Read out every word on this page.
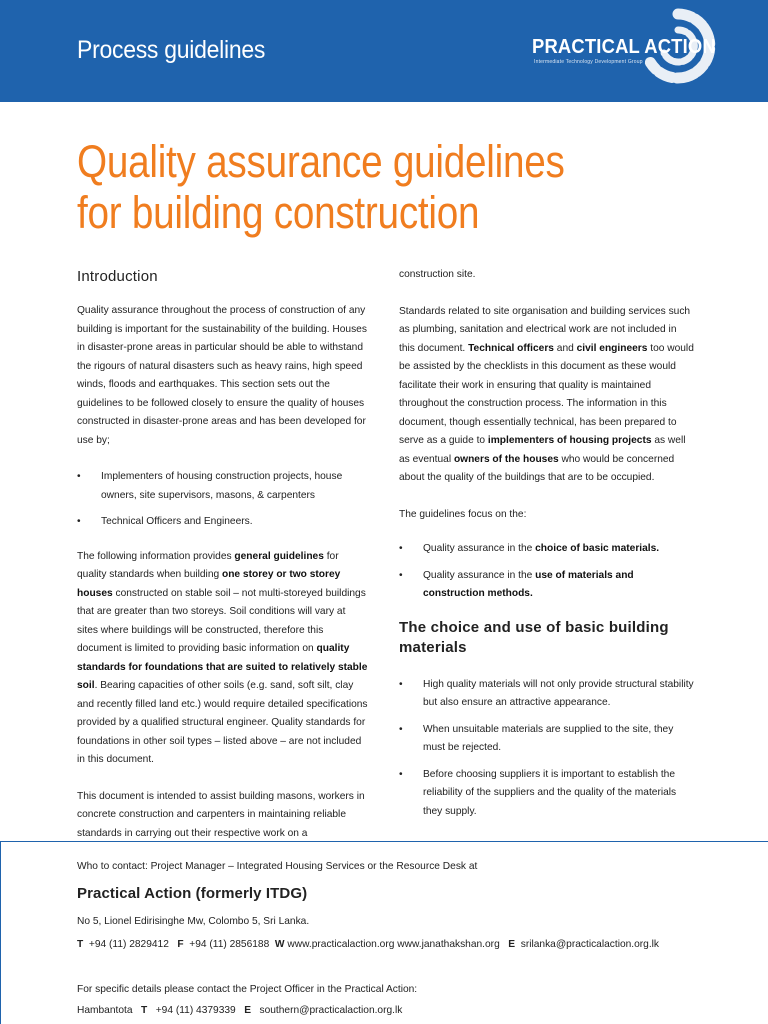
Process guidelines	PRACTICAL ACTION
Intermediate Technology Development Group
Quality assurance guidelines
for building construction

Introduction

Quality assurance throughout the process of construction of any building is important for the sustainability of the building. Houses in disaster-prone areas in particular should be able to withstand the rigours of natural disasters such as heavy rains, high speed winds, floods and earthquakes. This section sets out the guidelines to be followed closely to ensure the quality of houses constructed in disaster-prone areas and has been developed for use by;

• Implementers of housing construction projects, house owners, site supervisors, masons, & carpenters

• Technical Officers and Engineers.

The following information provides general guidelines for quality standards when building one storey or two storey houses constructed on stable soil – not multi-storeyed buildings that are greater than two storeys. Soil conditions will vary at sites where buildings will be constructed, therefore this document is limited to providing basic information on quality standards for foundations that are suited to relatively stable soil. Bearing capacities of other soils (e.g. sand, soft silt, clay and recently filled land etc.) would require detailed specifications provided by a qualified structural engineer. Quality standards for foundations in other soil types – listed above – are not included in this document.

This document is intended to assist building masons, workers in concrete construction and carpenters in maintaining reliable standards in carrying out their respective work on a

construction site.

Standards related to site organisation and building services such as plumbing, sanitation and electrical work are not included in this document. Technical officers and civil engineers too would be assisted by the checklists in this document as these would facilitate their work in ensuring that quality is maintained throughout the construction process. The information in this document, though essentially technical, has been prepared to serve as a guide to implementers of housing projects as well as eventual owners of the houses who would be concerned about the quality of the buildings that are to be occupied.

The guidelines focus on the:

• Quality assurance in the choice of basic materials.

• Quality assurance in the use of materials and construction methods.

The choice and use of basic building materials

• High quality materials will not only provide structural stability but also ensure an attractive appearance.

• When unsuitable materials are supplied to the site, they must be rejected.

• Before choosing suppliers it is important to establish the reliability of the suppliers and the quality of the materials they supply.

Who to contact: Project Manager – Integrated Housing Services or the Resource Desk at
Practical Action (formerly ITDG)
No 5, Lionel Edirisinghe Mw, Colombo 5, Sri Lanka.
T +94 (11) 2829412 F +94 (11) 2856188 W www.practicalaction.org www.janathakshan.org E srilanka@practicalaction.org.lk
For specific details please contact the Project Officer in the Practical Action:
Hambantota T +94 (11) 4379339 E southern@practicalaction.org.lk
